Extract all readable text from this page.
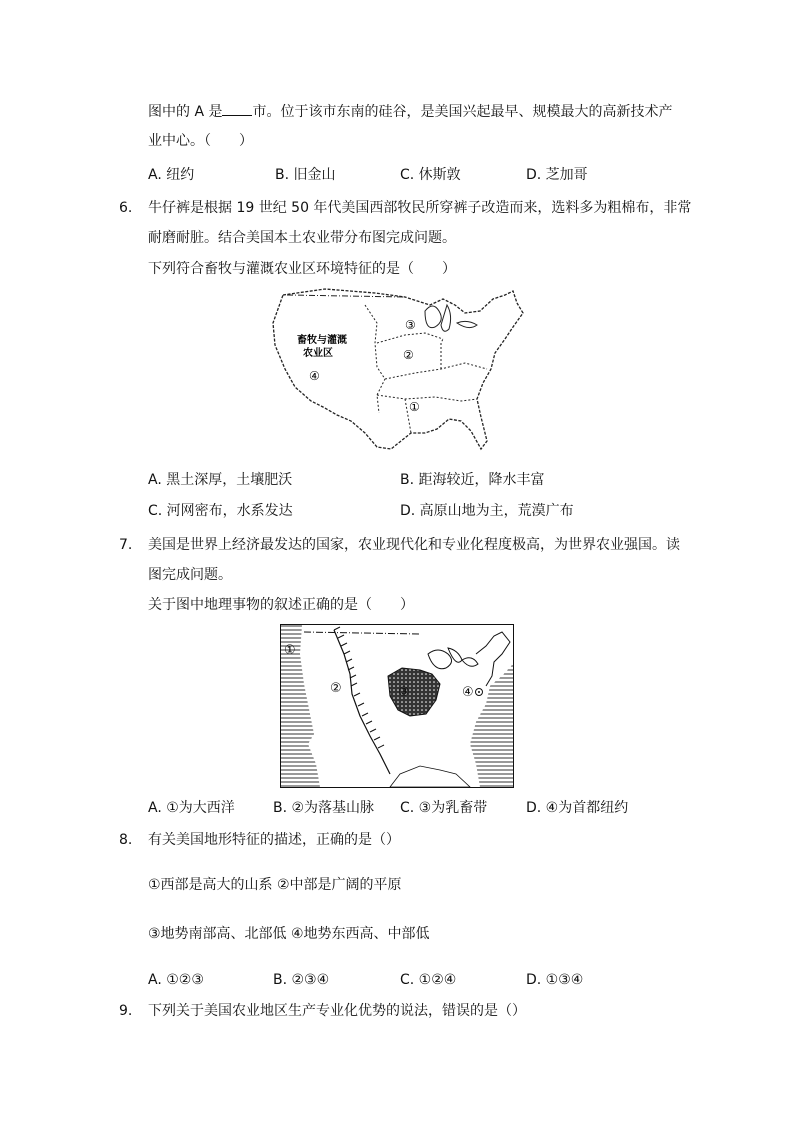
图中的 A 是 市。位于该市东南的硅谷，是美国兴起最早、规模最大的高新技术产
业中心。（　　）
A. 纽约	B. 旧金山	C. 休斯敦	D. 芝加哥
6. 牛仔裤是根据 19 世纪 50 年代美国西部牧民所穿裤子改造而来，选料多为粗棉布，非常
耐磨耐脏。结合美国本土农业带分布图完成问题。
下列符合畜牧与灌溉农业区环境特征的是（　　）
畜牧与灌溉
农业区
④
③
②
①
A. 黑土深厚，土壤肥沃	B. 距海较近，降水丰富
C. 河网密布，水系发达	D. 高原山地为主，荒漠广布
7. 美国是世界上经济最发达的国家，农业现代化和专业化程度极高，为世界农业强国。读
图完成问题。
关于图中地理事物的叙述正确的是（　　）
①
②	③	④
A. ①为大西洋	B. ②为落基山脉 C. ③为乳畜带	D. ④为首都纽约
8. 有关美国地形特征的描述，正确的是（）
①西部是高大的山系 ②中部是广阔的平原
③地势南部高、北部低 ④地势东西高、中部低
A. ①②③	B. ②③④	C. ①②④	D. ①③④
9. 下列关于美国农业地区生产专业化优势的说法，错误的是（）
